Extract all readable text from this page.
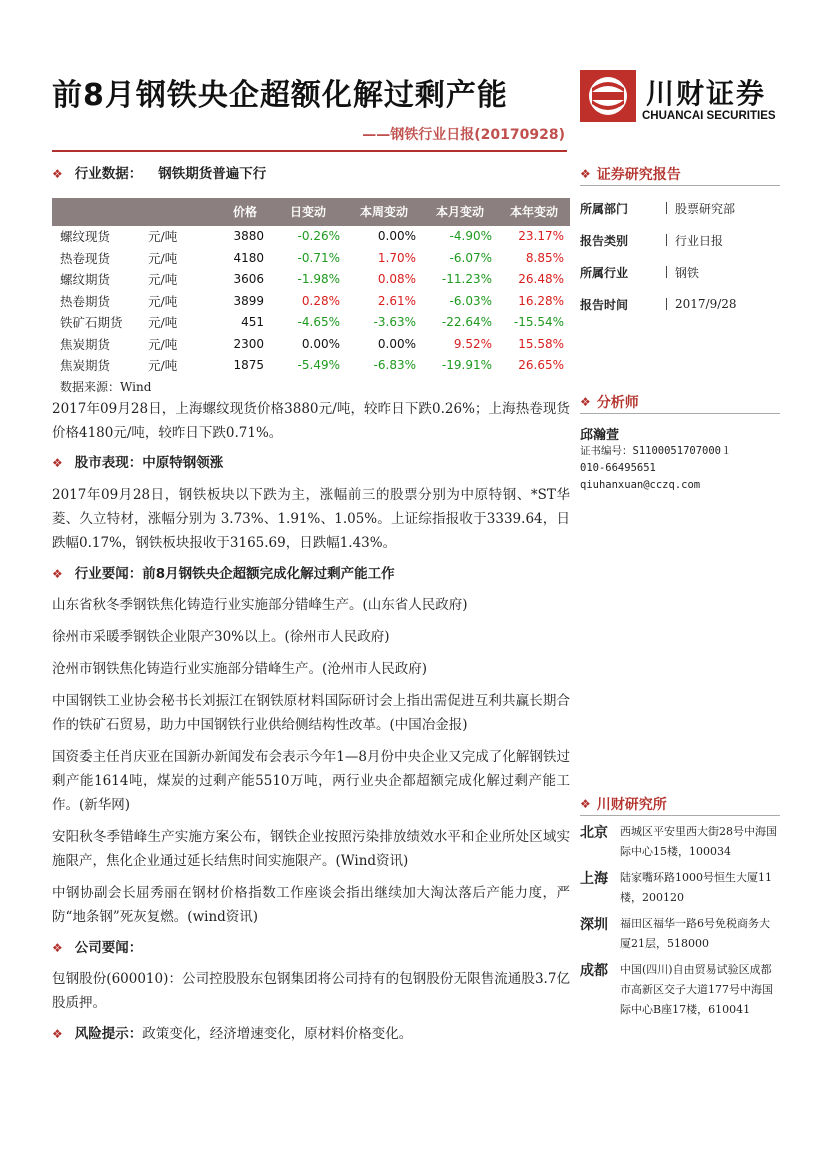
前8月钢铁央企超额化解过剩产能
——钢铁行业日报(20170928)
川财证券
CHUANCAI SECURITIES
❖ 行业数据： 钢铁期货普遍下行
		价格	日变动	本周变动	本月变动	本年变动
螺纹现货	元/吨	3880	-0.26%	0.00%	-4.90%	23.17%
热卷现货	元/吨	4180	-0.71%	1.70%	-6.07%	8.85%
螺纹期货	元/吨	3606	-1.98%	0.08%	-11.23%	26.48%
热卷期货	元/吨	3899	0.28%	2.61%	-6.03%	16.28%
铁矿石期货	元/吨	451	-4.65%	-3.63%	-22.64%	-15.54%
焦炭期货	元/吨	2300	0.00%	0.00%	9.52%	15.58%
焦炭期货	元/吨	1875	-5.49%	-6.83%	-19.91%	26.65%
数据来源：Wind

2017年09月28日，上海螺纹现货价格3880元/吨，较昨日下跌0.26%；上海热卷现货价格4180元/吨，较昨日下跌0.71%。

❖ 股市表现： 中原特钢领涨

2017年09月28日，钢铁板块以下跌为主，涨幅前三的股票分别为中原特钢、*ST华菱、久立特材，涨幅分别为 3.73%、1.91%、1.05%。上证综指报收于3339.64，日跌幅0.17%，钢铁板块报收于3165.69，日跌幅1.43%。

❖ 行业要闻： 前8月钢铁央企超额完成化解过剩产能工作

山东省秋冬季钢铁焦化铸造行业实施部分错峰生产。(山东省人民政府)

徐州市采暖季钢铁企业限产30%以上。(徐州市人民政府)

沧州市钢铁焦化铸造行业实施部分错峰生产。(沧州市人民政府)

中国钢铁工业协会秘书长刘振江在钢铁原材料国际研讨会上指出需促进互利共赢长期合作的铁矿石贸易，助力中国钢铁行业供给侧结构性改革。(中国冶金报)

国资委主任肖庆亚在国新办新闻发布会表示今年1—8月份中央企业又完成了化解钢铁过剩产能1614吨，煤炭的过剩产能5510万吨，两行业央企都超额完成化解过剩产能工作。(新华网)

安阳秋冬季错峰生产实施方案公布，钢铁企业按照污染排放绩效水平和企业所处区域实施限产，焦化企业通过延长结焦时间实施限产。(Wind资讯)

中钢协副会长屈秀丽在钢材价格指数工作座谈会指出继续加大淘汰落后产能力度，严防“地条钢”死灰复燃。(wind资讯)

❖ 公司要闻：

包钢股份(600010)：公司控股股东包钢集团将公司持有的包钢股份无限售流通股3.7亿股质押。

❖ 风险提示： 政策变化，经济增速变化，原材料价格变化。
❖ 证券研究报告
所属部门	股票研究部
报告类别	行业日报
所属行业	钢铁
报告时间	2017/9/28
❖ 分析师
邱瀚萱
证书编号：S1100051707000１
010-66495651
qiuhanxuan@cczq.com
❖ 川财研究所
北京	西城区平安里西大街28号中海国际中心15楼，100034
上海	陆家嘴环路1000号恒生大厦11楼，200120
深圳	福田区福华一路6号免税商务大厦21层，518000
成都	中国(四川)自由贸易试验区成都市高新区交子大道177号中海国际中心B座17楼，610041
